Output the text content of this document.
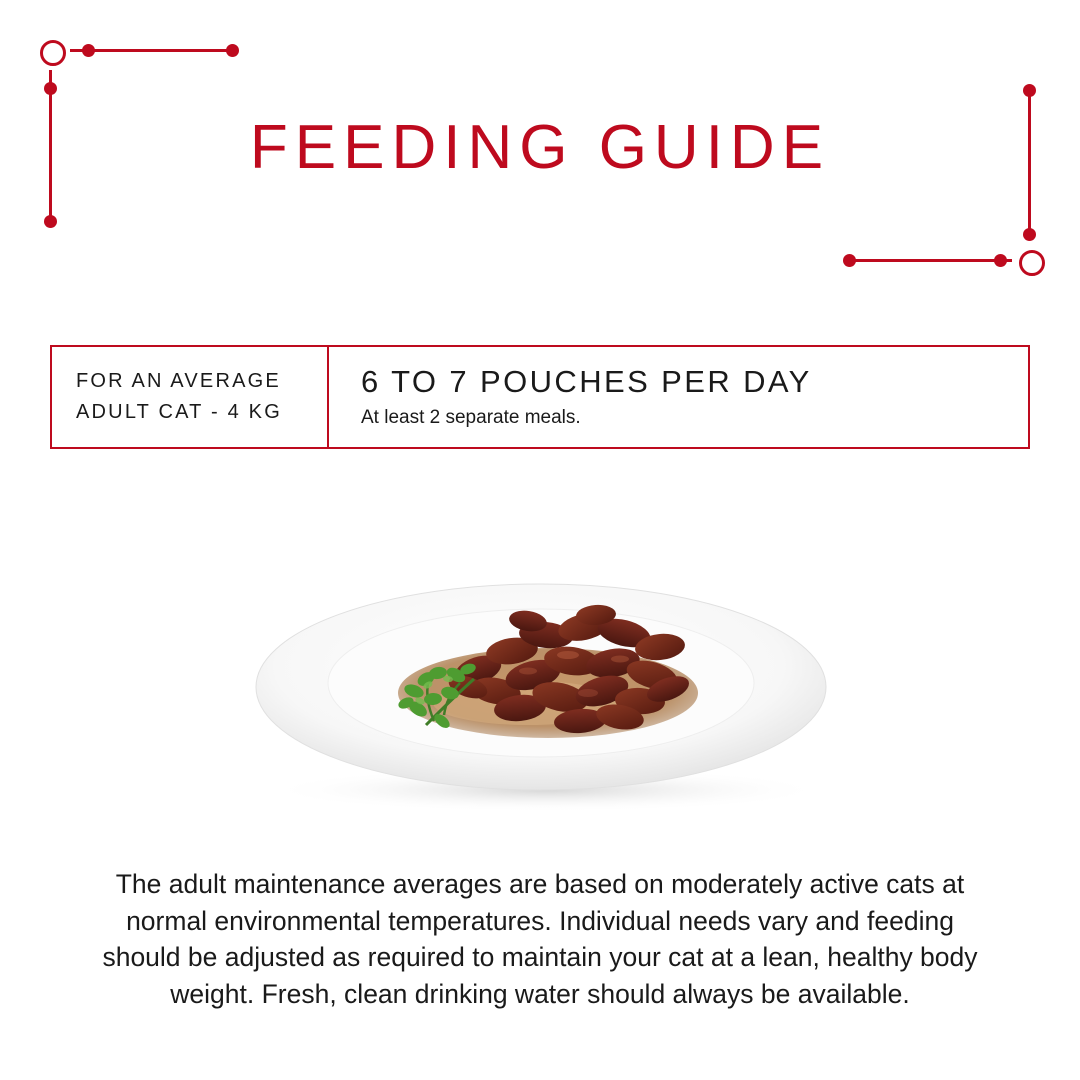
FEEDING GUIDE
FOR AN AVERAGE
ADULT CAT - 4 KG
6 TO 7 POUCHES PER DAY
At least 2 separate meals.
The adult maintenance averages are based on moderately active cats at normal environmental temperatures. Individual needs vary and feeding should be adjusted as required to maintain your cat at a lean, healthy body weight. Fresh, clean drinking water should always be available.
